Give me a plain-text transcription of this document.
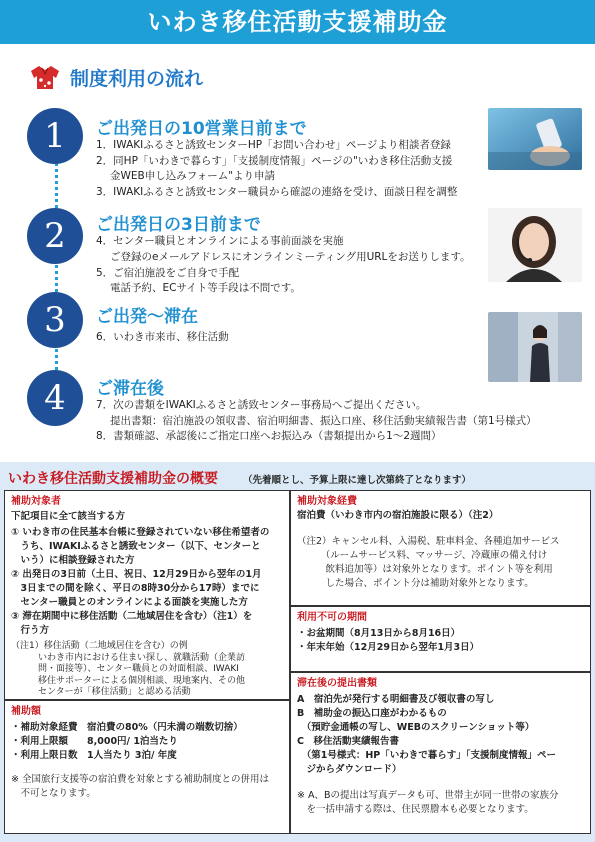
いわき移住活動支援補助金
制度利用の流れ
1	ご出発日の10営業日前まで
1．IWAKIふるさと誘致センターHP「お問い合わせ」ページより相談者登録
2．同HP「いわきで暮らす」「支援制度情報」ページの"いわき移住活動支援
金WEB申し込みフォーム"より申請
3．IWAKIふるさと誘致センター職員から確認の連絡を受け、面談日程を調整
2	ご出発日の3日前まで
4．センター職員とオンラインによる事前面談を実施
ご登録のeメールアドレスにオンラインミーティング用URLをお送りします。
5．ご宿泊施設をご自身で手配
電話予約、ECサイト等手段は不問です。
3	ご出発～滞在
6．いわき市来市、移住活動
4	ご滞在後
7．次の書類をIWAKIふるさと誘致センター事務局へご提出ください。
提出書類：宿泊施設の領収書、宿泊明細書、振込口座、移住活動実績報告書（第1号様式）
8．書類確認、承認後にご指定口座へお振込み（書類提出から1～2週間）
いわき移住活動支援補助金の概要	（先着順とし、予算上限に達し次第終了となります）
補助対象者
下記項目に全て該当する方
① いわき市の住民基本台帳に登録されていない移住希望者の
　うち、IWAKIふるさと誘致センター（以下、センターと
　いう）に相談登録された方
② 出発日の3日前（土日、祝日、12月29日から翌年の1月
　3日までの間を除く、平日の8時30分から17時）までに
　センター職員とのオンラインによる面談を実施した方
③ 滞在期間中に移住活動（二地域居住を含む）（注1）を
　行う方
（注1）移住活動（二地域居住を含む）の例
　　　いわき市内における住まい探し、就職活動（企業訪
　　　問・面接等）、センター職員との対面相談、IWAKI
　　　移住サポーターによる個別相談、現地案内、その他
　　　センターが「移住活動」と認める活動
補助額
・補助対象経費　宿泊費の80%（円未満の端数切捨）
・利用上限額　　8,000円/ 1泊当たり
・利用上限日数　1人当たり 3泊/ 年度
※ 全国旅行支援等の宿泊費を対象とする補助制度との併用は
　不可となります。
補助対象経費
宿泊費（いわき市内の宿泊施設に限る）（注2）
（注2）キャンセル料、入湯税、駐車料金、各種追加サービス
　　　（ルームサービス料、マッサージ、冷蔵庫の備え付け
　　　飲料追加等）は対象外となります。ポイント等を利用
　　　した場合、ポイント分は補助対象外となります。
利用不可の期間
・お盆期間（8月13日から8月16日）
・年末年始（12月29日から翌年1月3日）
滞在後の提出書類
A　宿泊先が発行する明細書及び領収書の写し
B　補助金の振込口座がわかるもの
　（預貯金通帳の写し、WEBのスクリーンショット等）
C　移住活動実績報告書
　（第1号様式：HP「いわきで暮らす」「支援制度情報」ペー
　ジからダウンロード）
※ A、Bの提出は写真データも可、世帯主が同一世帯の家族分
　を一括申請する際は、住民票謄本も必要となります。
